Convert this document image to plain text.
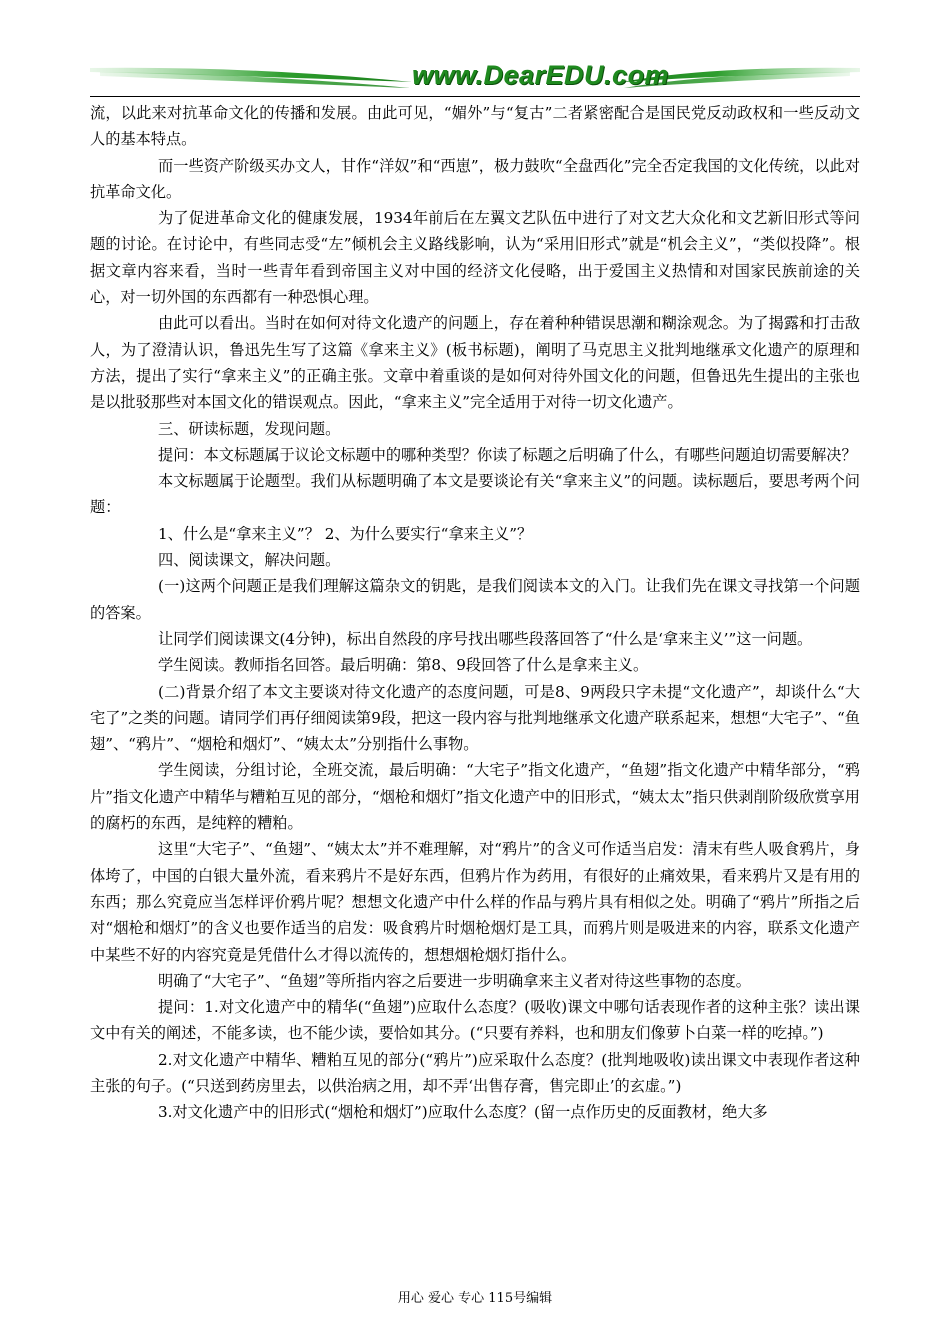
www.DearEDU.com

流，以此来对抗革命文化的传播和发展。由此可见，“媚外”与“复古”二者紧密配合是国民党反动政权和一些反动文人的基本特点。

而一些资产阶级买办文人，甘作“洋奴”和“西崽”，极力鼓吹“全盘西化”完全否定我国的文化传统，以此对抗革命文化。

为了促进革命文化的健康发展，1934年前后在左翼文艺队伍中进行了对文艺大众化和文艺新旧形式等问题的讨论。在讨论中，有些同志受“左”倾机会主义路线影响，认为“采用旧形式”就是“机会主义”，“类似投降”。根据文章内容来看，当时一些青年看到帝国主义对中国的经济文化侵略，出于爱国主义热情和对国家民族前途的关心，对一切外国的东西都有一种恐惧心理。

由此可以看出。当时在如何对待文化遗产的问题上，存在着种种错误思潮和糊涂观念。为了揭露和打击敌人，为了澄清认识，鲁迅先生写了这篇《拿来主义》(板书标题)，阐明了马克思主义批判地继承文化遗产的原理和方法，提出了实行“拿来主义”的正确主张。文章中着重谈的是如何对待外国文化的问题，但鲁迅先生提出的主张也是以批驳那些对本国文化的错误观点。因此，“拿来主义”完全适用于对待一切文化遗产。

三、研读标题，发现问题。

提问：本文标题属于议论文标题中的哪种类型？你读了标题之后明确了什么，有哪些问题迫切需要解决？

本文标题属于论题型。我们从标题明确了本文是要谈论有关“拿来主义”的问题。读标题后，要思考两个问题：

1、什么是“拿来主义”？ 2、为什么要实行“拿来主义”？

四、阅读课文，解决问题。

(一)这两个问题正是我们理解这篇杂文的钥匙，是我们阅读本文的入门。让我们先在课文寻找第一个问题的答案。

让同学们阅读课文(4分钟)，标出自然段的序号找出哪些段落回答了“什么是‘拿来主义’”这一问题。

学生阅读。教师指名回答。最后明确：第8、9段回答了什么是拿来主义。

(二)背景介绍了本文主要谈对待文化遗产的态度问题，可是8、9两段只字未提“文化遗产”，却谈什么“大宅了”之类的问题。请同学们再仔细阅读第9段，把这一段内容与批判地继承文化遗产联系起来，想想“大宅子”、“鱼翅”、“鸦片”、“烟枪和烟灯”、“姨太太”分别指什么事物。

学生阅读，分组讨论，全班交流，最后明确：“大宅子”指文化遗产，“鱼翅”指文化遗产中精华部分，“鸦片”指文化遗产中精华与糟粕互见的部分，“烟枪和烟灯”指文化遗产中的旧形式，“姨太太”指只供剥削阶级欣赏享用的腐朽的东西，是纯粹的糟粕。

这里“大宅子”、“鱼翅”、“姨太太”并不难理解，对“鸦片”的含义可作适当启发：清末有些人吸食鸦片，身体垮了，中国的白银大量外流，看来鸦片不是好东西，但鸦片作为药用，有很好的止痛效果，看来鸦片又是有用的东西；那么究竟应当怎样评价鸦片呢？想想文化遗产中什么样的作品与鸦片具有相似之处。明确了“鸦片”所指之后对“烟枪和烟灯”的含义也要作适当的启发：吸食鸦片时烟枪烟灯是工具，而鸦片则是吸进来的内容，联系文化遗产中某些不好的内容究竟是凭借什么才得以流传的，想想烟枪烟灯指什么。

明确了“大宅子”、“鱼翅”等所指内容之后要进一步明确拿来主义者对待这些事物的态度。

提问：1.对文化遗产中的精华(“鱼翅”)应取什么态度？(吸收)课文中哪句话表现作者的这种主张？读出课文中有关的阐述，不能多读，也不能少读，要恰如其分。(“只要有养料，也和朋友们像萝卜白菜一样的吃掉。”)

2.对文化遗产中精华、糟粕互见的部分(“鸦片”)应采取什么态度？(批判地吸收)读出课文中表现作者这种主张的句子。(“只送到药房里去，以供治病之用，却不弄‘出售存膏，售完即止’的玄虚。”)

3.对文化遗产中的旧形式(“烟枪和烟灯”)应取什么态度？(留一点作历史的反面教材，绝大多

用心 爱心 专心 115号编辑
